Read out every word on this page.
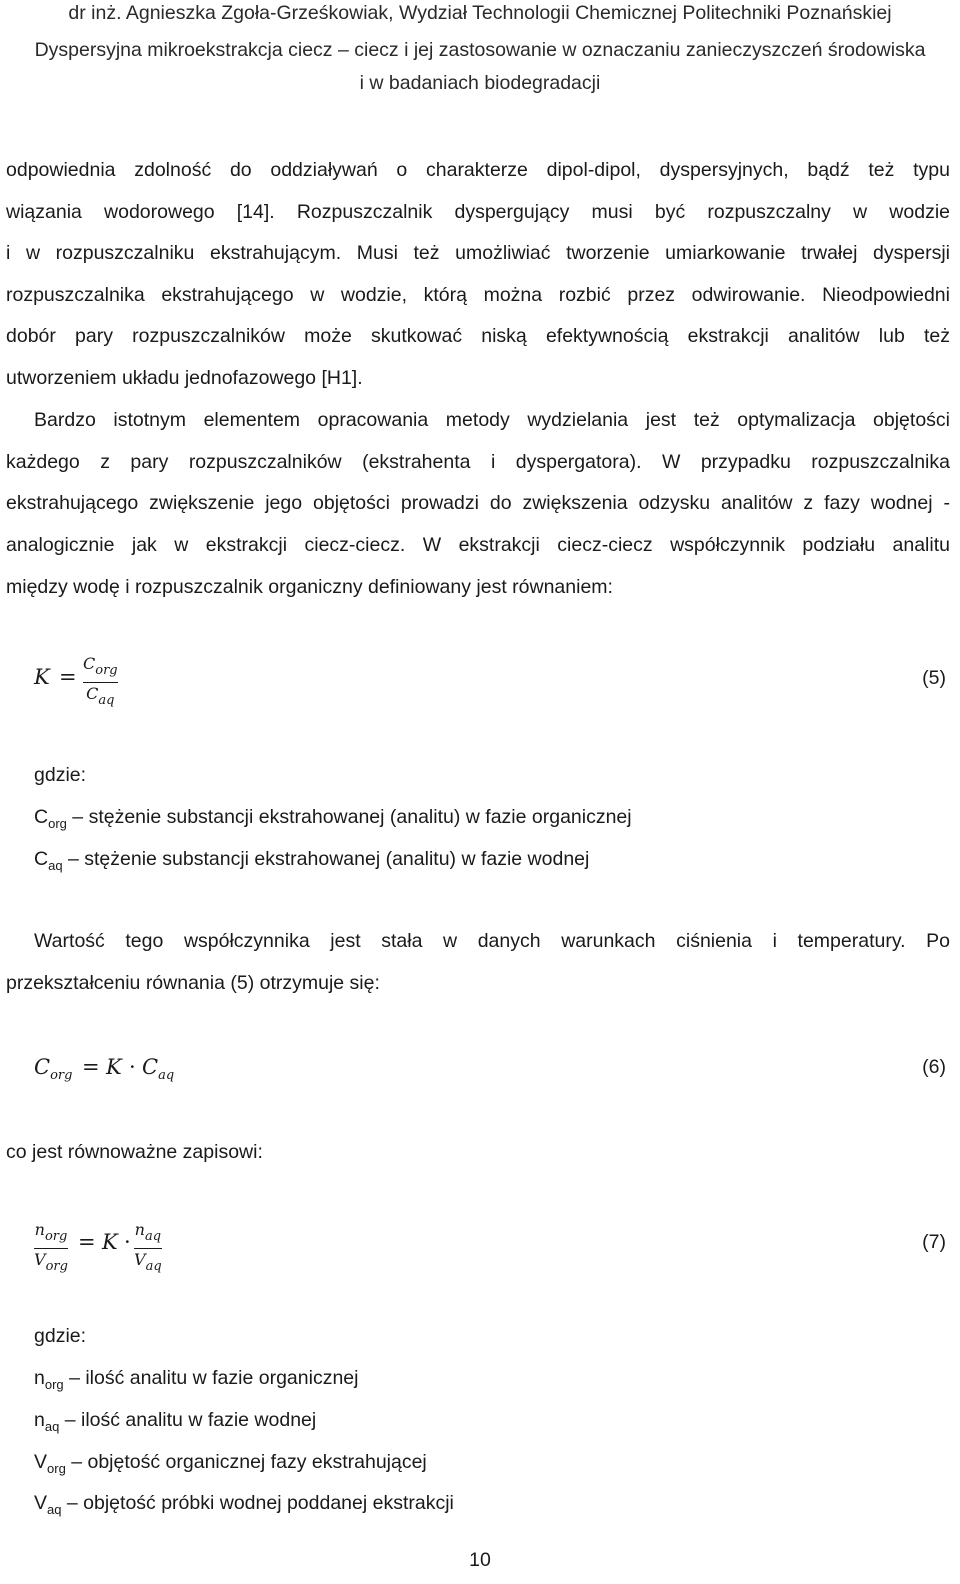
dr inż. Agnieszka Zgoła-Grześkowiak, Wydział Technologii Chemicznej Politechniki Poznańskiej
Dyspersyjna mikroekstrakcja ciecz – ciecz i jej zastosowanie w oznaczaniu zanieczyszczeń środowiska
i w badaniach biodegradacji
odpowiednia zdolność do oddziaływań o charakterze dipol-dipol, dyspersyjnych, bądź też typu
wiązania wodorowego [14]. Rozpuszczalnik dyspergujący musi być rozpuszczalny w wodzie
i w rozpuszczalniku ekstrahującym. Musi też umożliwiać tworzenie umiarkowanie trwałej dyspersji
rozpuszczalnika ekstrahującego w wodzie, którą można rozbić przez odwirowanie. Nieodpowiedni
dobór pary rozpuszczalników może skutkować niską efektywnością ekstrakcji analitów lub też
utworzeniem układu jednofazowego [H1].
Bardzo istotnym elementem opracowania metody wydzielania jest też optymalizacja objętości
każdego z pary rozpuszczalników (ekstrahenta i dyspergatora). W przypadku rozpuszczalnika
ekstrahującego zwiększenie jego objętości prowadzi do zwiększenia odzysku analitów z fazy wodnej -
analogicznie jak w ekstrakcji ciecz-ciecz. W ekstrakcji ciecz-ciecz współczynnik podziału analitu
między wodę i rozpuszczalnik organiczny definiowany jest równaniem:
K =
$C_{org}$
$C_{aq}$
(5)
gdzie:
$C_{org}$ – stężenie substancji ekstrahowanej (analitu) w fazie organicznej
$C_{aq}$ – stężenie substancji ekstrahowanej (analitu) w fazie wodnej
Wartość tego współczynnika jest stała w danych warunkach ciśnienia i temperatury. Po
przekształceniu równania (5) otrzymuje się:
$C_{org} = K \cdot C_{aq}$	(6)
co jest równoważne zapisowi:
$n_{org}$
$V_{org}$
= K ·
$n_{aq}$
$V_{aq}$
(7)
gdzie:
$n_{org}$ – ilość analitu w fazie organicznej
$n_{aq}$ – ilość analitu w fazie wodnej
$V_{org}$ – objętość organicznej fazy ekstrahującej
$V_{aq}$ – objętość próbki wodnej poddanej ekstrakcji
10
